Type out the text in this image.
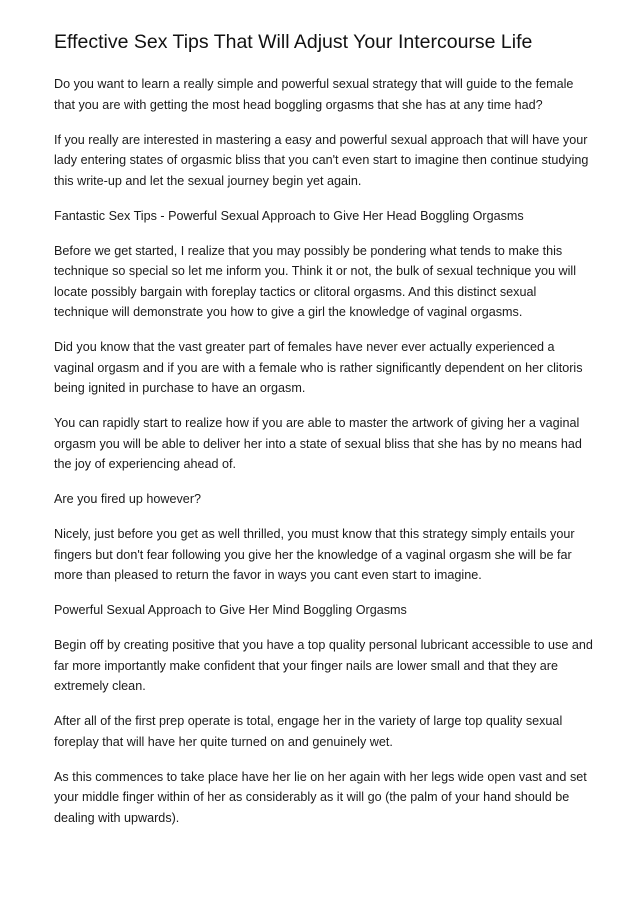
Effective Sex Tips That Will Adjust Your Intercourse Life

Do you want to learn a really simple and powerful sexual strategy that will guide to the female that you are with getting the most head boggling orgasms that she has at any time had?

If you really are interested in mastering a easy and powerful sexual approach that will have your lady entering states of orgasmic bliss that you can't even start to imagine then continue studying this write-up and let the sexual journey begin yet again.

Fantastic Sex Tips - Powerful Sexual Approach to Give Her Head Boggling Orgasms

Before we get started, I realize that you may possibly be pondering what tends to make this technique so special so let me inform you. Think it or not, the bulk of sexual technique you will locate possibly bargain with foreplay tactics or clitoral orgasms. And this distinct sexual technique will demonstrate you how to give a girl the knowledge of vaginal orgasms.

Did you know that the vast greater part of females have never ever actually experienced a vaginal orgasm and if you are with a female who is rather significantly dependent on her clitoris being ignited in purchase to have an orgasm.

You can rapidly start to realize how if you are able to master the artwork of giving her a vaginal orgasm you will be able to deliver her into a state of sexual bliss that she has by no means had the joy of experiencing ahead of.

Are you fired up however?

Nicely, just before you get as well thrilled, you must know that this strategy simply entails your fingers but don't fear following you give her the knowledge of a vaginal orgasm she will be far more than pleased to return the favor in ways you cant even start to imagine.

Powerful Sexual Approach to Give Her Mind Boggling Orgasms

Begin off by creating positive that you have a top quality personal lubricant accessible to use and far more importantly make confident that your finger nails are lower small and that they are extremely clean.

After all of the first prep operate is total, engage her in the variety of large top quality sexual foreplay that will have her quite turned on and genuinely wet.

As this commences to take place have her lie on her again with her legs wide open vast and set your middle finger within of her as considerably as it will go (the palm of your hand should be dealing with upwards).
